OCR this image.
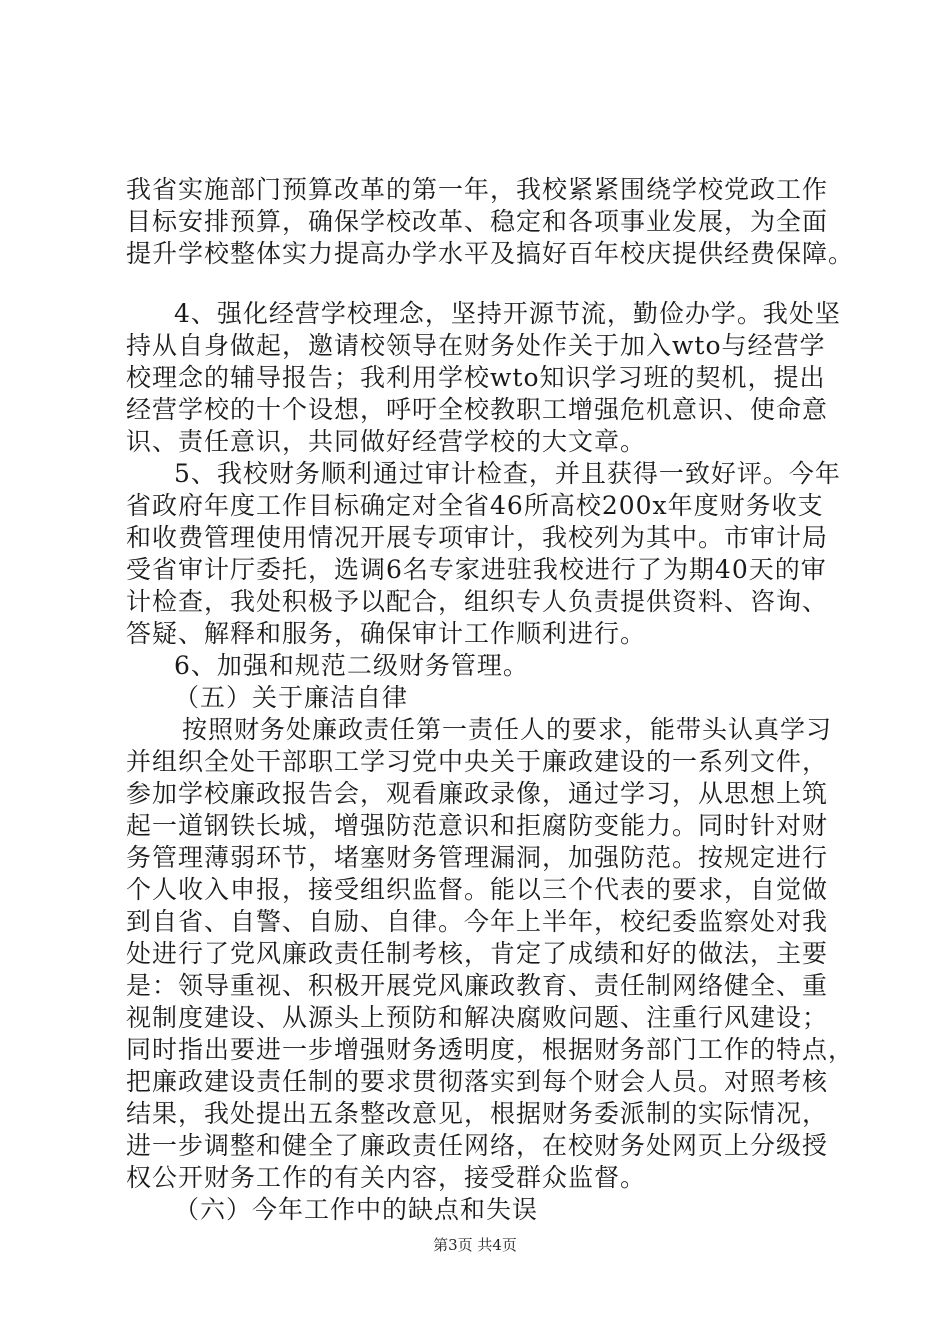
我省实施部门预算改革的第一年，我校紧紧围绕学校党政工作
目标安排预算，确保学校改革、稳定和各项事业发展，为全面
提升学校整体实力提高办学水平及搞好百年校庆提供经费保障。
4、强化经营学校理念，坚持开源节流，勤俭办学。我处坚
持从自身做起，邀请校领导在财务处作关于加入wto与经营学
校理念的辅导报告；我利用学校wto知识学习班的契机，提出
经营学校的十个设想，呼吁全校教职工增强危机意识、使命意
识、责任意识，共同做好经营学校的大文章。
5、我校财务顺利通过审计检查，并且获得一致好评。今年
省政府年度工作目标确定对全省46所高校200x年度财务收支
和收费管理使用情况开展专项审计，我校列为其中。市审计局
受省审计厅委托，选调6名专家进驻我校进行了为期40天的审
计检查，我处积极予以配合，组织专人负责提供资料、咨询、
答疑、解释和服务，确保审计工作顺利进行。
6、加强和规范二级财务管理。
（五）关于廉洁自律
按照财务处廉政责任第一责任人的要求，能带头认真学习
并组织全处干部职工学习党中央关于廉政建设的一系列文件，
参加学校廉政报告会，观看廉政录像，通过学习，从思想上筑
起一道钢铁长城，增强防范意识和拒腐防变能力。同时针对财
务管理薄弱环节，堵塞财务管理漏洞，加强防范。按规定进行
个人收入申报，接受组织监督。能以三个代表的要求，自觉做
到自省、自警、自励、自律。今年上半年，校纪委监察处对我
处进行了党风廉政责任制考核，肯定了成绩和好的做法，主要
是：领导重视、积极开展党风廉政教育、责任制网络健全、重
视制度建设、从源头上预防和解决腐败问题、注重行风建设；
同时指出要进一步增强财务透明度，根据财务部门工作的特点，
把廉政建设责任制的要求贯彻落实到每个财会人员。对照考核
结果，我处提出五条整改意见，根据财务委派制的实际情况，
进一步调整和健全了廉政责任网络，在校财务处网页上分级授
权公开财务工作的有关内容，接受群众监督。
（六）今年工作中的缺点和失误
第3页 共4页
